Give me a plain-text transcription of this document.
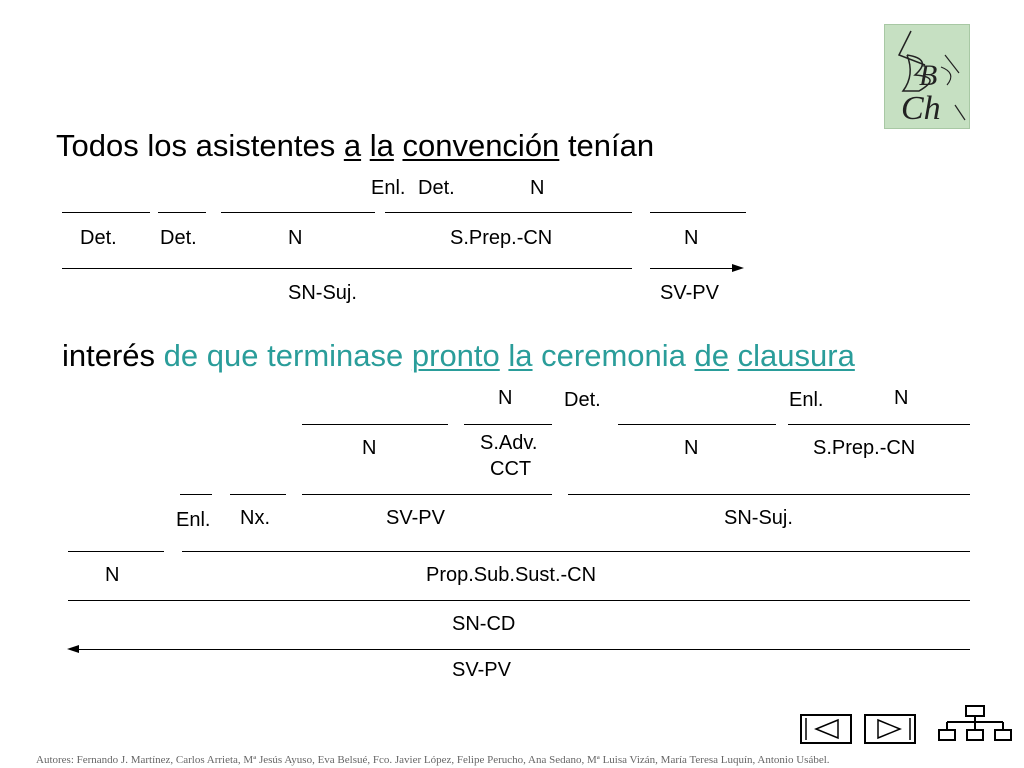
B
Ch
Todos los asistentes a la convención tenían
Enl. Det.	N
Det. Det.	N	S.Prep.-CN	N
SN-Suj.	SV-PV
interés de que terminase pronto la ceremonia de clausura
N	Det.	Enl.	N
N	S.Adv.
CCT
N	S.Prep.-CN
Enl. Nx.	SV-PV	SN-Suj.
N	Prop.Sub.Sust.-CN
SN-CD
SV-PV
Autores: Fernando J. Martínez, Carlos Arrieta, Mª Jesús Ayuso, Eva Belsué, Fco. Javier López, Felipe Perucho, Ana Sedano, Mª Luisa Vizán, María Teresa Luquín, Antonio Usábel.
